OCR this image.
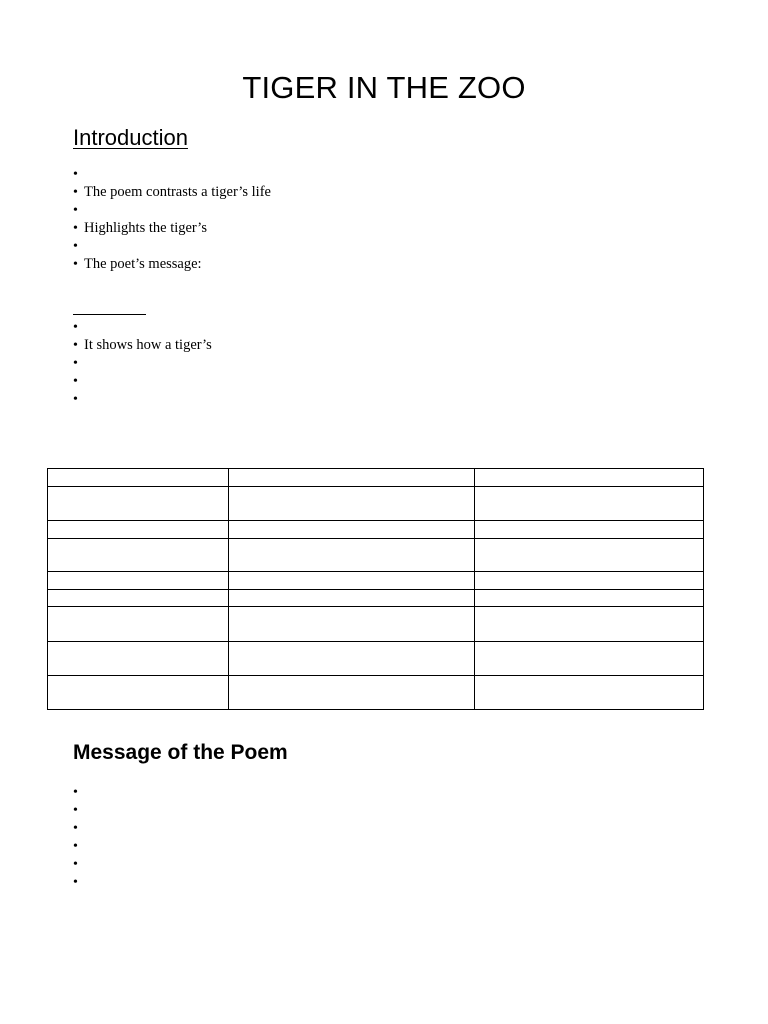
TIGER IN THE ZOO
Introduction
•
• The poem contrasts a tiger’s life
•
• Highlights the tiger’s
•
• The poet’s message:
•
• It shows how a tiger’s
•
•
•

Message of the Poem
•
•
•
•
•
•
